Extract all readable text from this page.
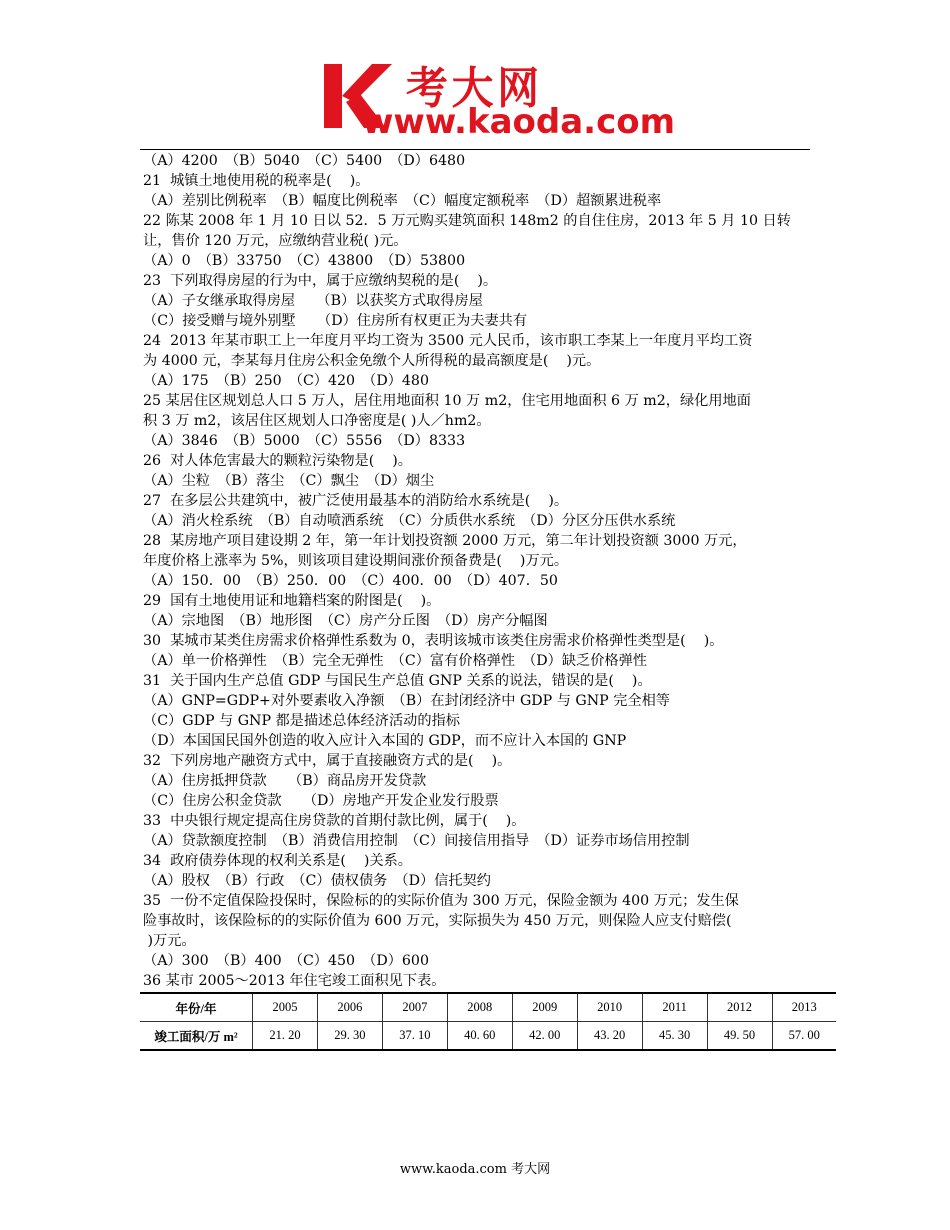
考大网
www.kaoda.com

（A）4200　（B）5040　（C）5400　（D）6480

21  城镇土地使用税的税率是(    )。

（A）差别比例税率　（B）幅度比例税率　（C）幅度定额税率　（D）超额累进税率

22 陈某 2008 年 1 月 10 日以 52．5 万元购买建筑面积 148m2 的自住住房，2013 年 5 月 10 日转

让，售价 120 万元，应缴纳营业税( )元。

（A）0　（B）33750　（C）43800　（D）53800

23  下列取得房屋的行为中，属于应缴纳契税的是(    )。

（A）子女继承取得房屋　　（B）以获奖方式取得房屋

（C）接受赠与境外别墅　　（D）住房所有权更正为夫妻共有

24  2013 年某市职工上一年度月平均工资为 3500 元人民币，该市职工李某上一年度月平均工资

为 4000 元，李某每月住房公积金免缴个人所得税的最高额度是(    )元。

（A）175　（B）250　（C）420　（D）480

25 某居住区规划总人口 5 万人，居住用地面积 10 万 m2，住宅用地面积 6 万 m2，绿化用地面

积 3 万 m2，该居住区规划人口净密度是( )人／hm2。

（A）3846　（B）5000　（C）5556　（D）8333

26  对人体危害最大的颗粒污染物是(    )。

（A）尘粒　（B）落尘　（C）飘尘　（D）烟尘

27  在多层公共建筑中，被广泛使用最基本的消防给水系统是(    )。

（A）消火栓系统　（B）自动喷洒系统　（C）分质供水系统　（D）分区分压供水系统

28  某房地产项目建设期 2 年，第一年计划投资额 2000 万元，第二年计划投资额 3000 万元，

年度价格上涨率为 5%，则该项目建设期间涨价预备费是(    )万元。

（A）150．00　（B）250．00　（C）400．00　（D）407．50

29  国有土地使用证和地籍档案的附图是(    )。

（A）宗地图　（B）地形图　（C）房产分丘图　（D）房产分幅图

30  某城市某类住房需求价格弹性系数为 0，表明该城市该类住房需求价格弹性类型是(    )。

（A）单一价格弹性　（B）完全无弹性　（C）富有价格弹性　（D）缺乏价格弹性

31  关于国内生产总值 GDP 与国民生产总值 GNP 关系的说法，错误的是(    )。

（A）GNP=GDP+对外要素收入净额　（B）在封闭经济中 GDP 与 GNP 完全相等

（C）GDP 与 GNP 都是描述总体经济活动的指标

（D）本国国民国外创造的收入应计入本国的 GDP，而不应计入本国的 GNP

32  下列房地产融资方式中，属于直接融资方式的是(    )。

（A）住房抵押贷款　　（B）商品房开发贷款

（C）住房公积金贷款　　（D）房地产开发企业发行股票

33  中央银行规定提高住房贷款的首期付款比例，属于(    )。

（A）贷款额度控制　（B）消费信用控制　（C）间接信用指导　（D）证券市场信用控制

34  政府债券体现的权利关系是(    )关系。

（A）股权　（B）行政　（C）债权债务　（D）信托契约

35  一份不定值保险投保时，保险标的的实际价值为 300 万元，保险金额为 400 万元；发生保

险事故时，该保险标的的实际价值为 600 万元，实际损失为 450 万元，则保险人应支付赔偿(

)万元。

（A）300　（B）400　（C）450　（D）600

36 某市 2005～2013 年住宅竣工面积见下表。

年份/年	2005	2006	2007	2008	2009	2010	2011	2012	2013
竣工面积/万 m²	21. 20	29. 30	37. 10	40. 60	42. 00	43. 20	45. 30	49. 50	57. 00
www.kaoda.com 考大网
